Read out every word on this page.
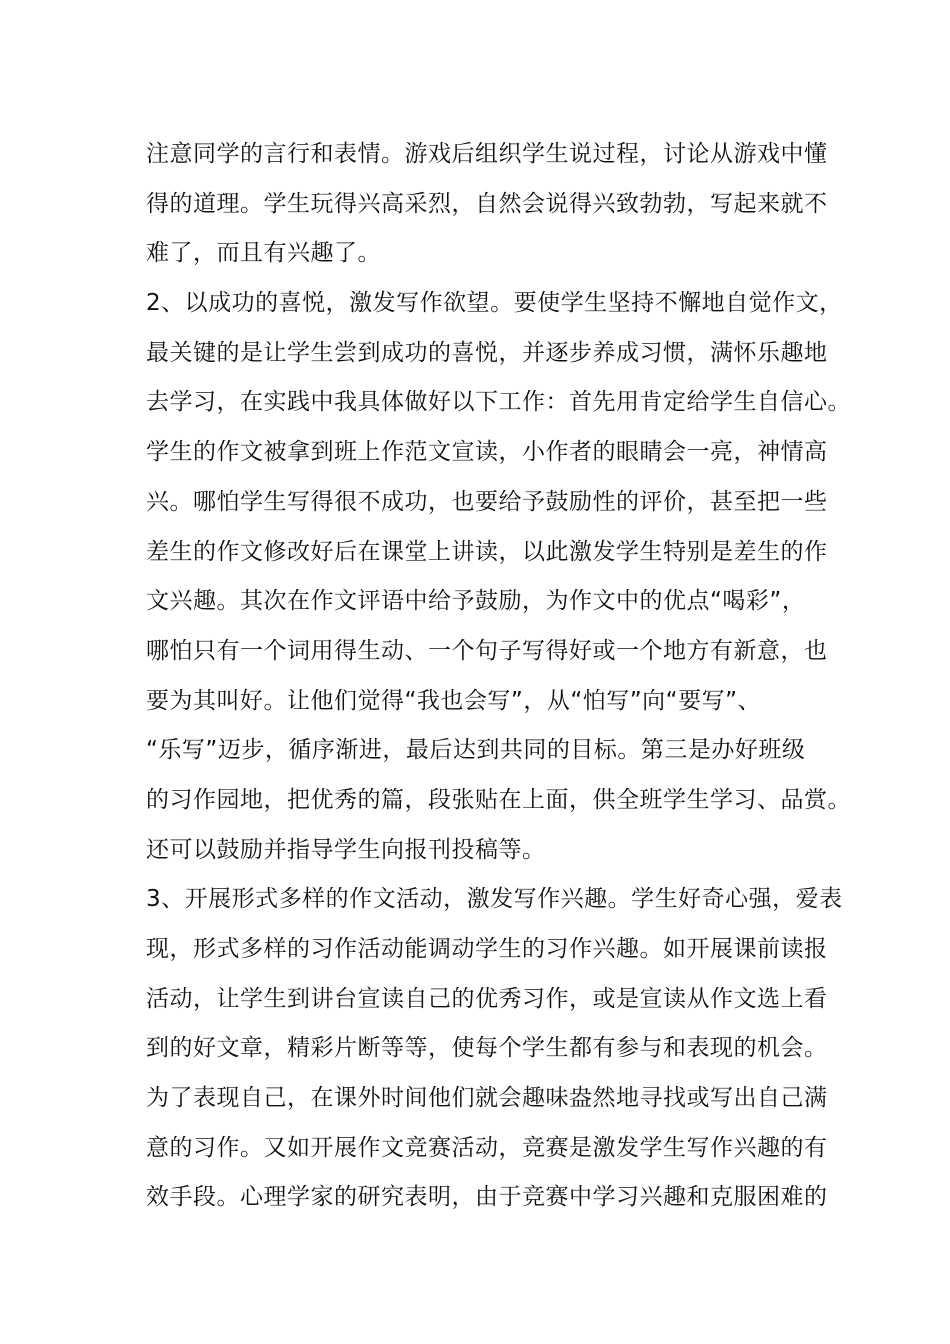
注意同学的言行和表情。游戏后组织学生说过程，讨论从游戏中懂
得的道理。学生玩得兴高采烈，自然会说得兴致勃勃，写起来就不
难了，而且有兴趣了。
2、以成功的喜悦，激发写作欲望。要使学生坚持不懈地自觉作文，
最关键的是让学生尝到成功的喜悦，并逐步养成习惯，满怀乐趣地
去学习，在实践中我具体做好以下工作：首先用肯定给学生自信心。
学生的作文被拿到班上作范文宣读，小作者的眼睛会一亮，神情高
兴。哪怕学生写得很不成功，也要给予鼓励性的评价，甚至把一些
差生的作文修改好后在课堂上讲读，以此激发学生特别是差生的作
文兴趣。其次在作文评语中给予鼓励，为作文中的优点“喝彩”，
哪怕只有一个词用得生动、一个句子写得好或一个地方有新意，也
要为其叫好。让他们觉得“我也会写”，从“怕写”向“要写”、
“乐写”迈步，循序渐进，最后达到共同的目标。第三是办好班级
的习作园地，把优秀的篇，段张贴在上面，供全班学生学习、品赏。
还可以鼓励并指导学生向报刊投稿等。
3、开展形式多样的作文活动，激发写作兴趣。学生好奇心强，爱表
现，形式多样的习作活动能调动学生的习作兴趣。如开展课前读报
活动，让学生到讲台宣读自己的优秀习作，或是宣读从作文选上看
到的好文章，精彩片断等等，使每个学生都有参与和表现的机会。
为了表现自己，在课外时间他们就会趣味盎然地寻找或写出自己满
意的习作。又如开展作文竞赛活动，竞赛是激发学生写作兴趣的有
效手段。心理学家的研究表明，由于竞赛中学习兴趣和克服困难的
